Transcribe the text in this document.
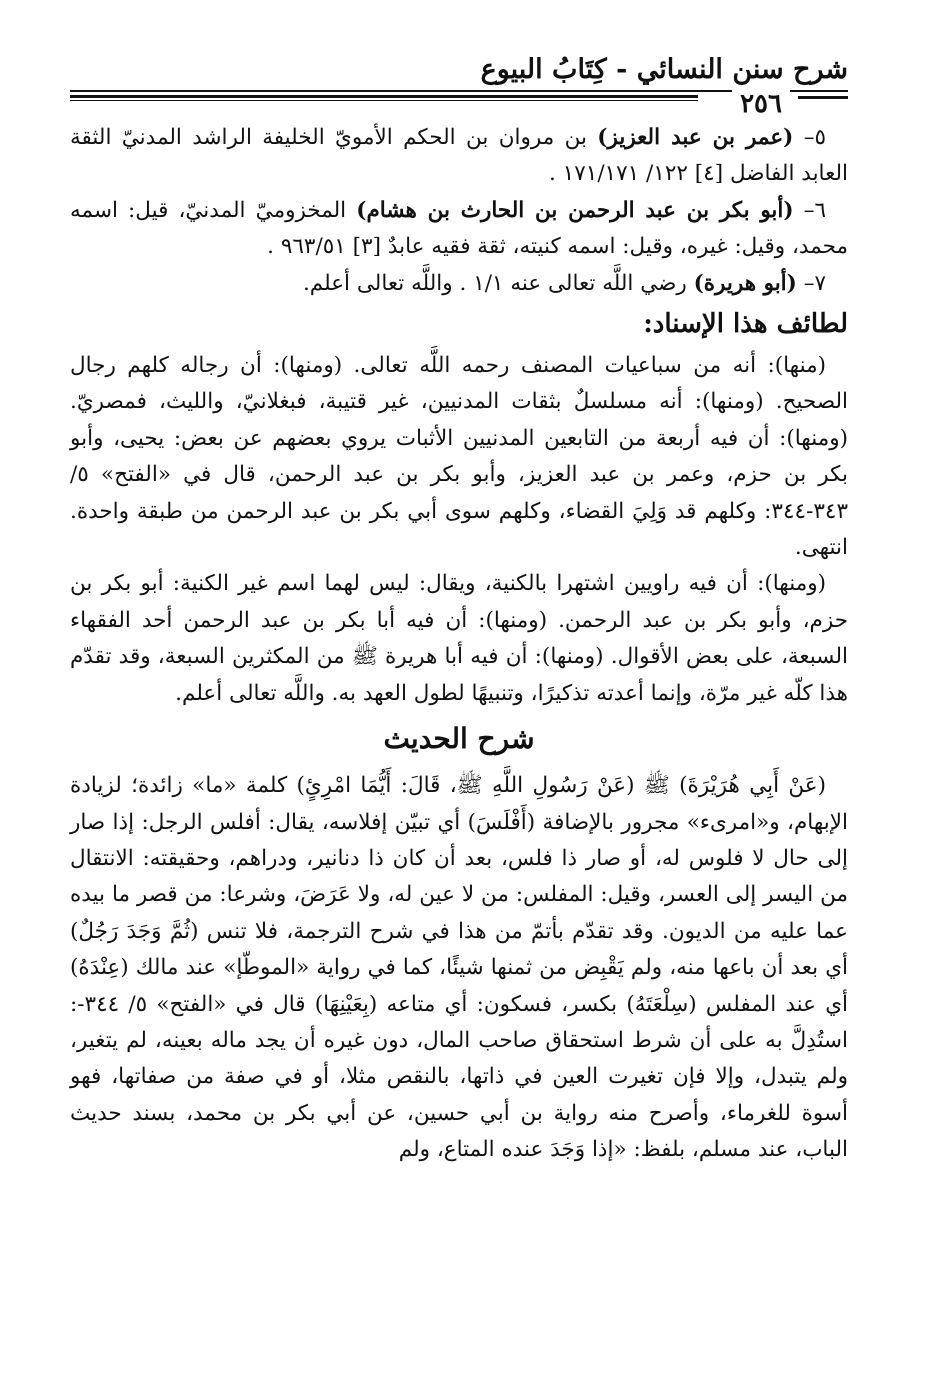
شرح سنن النسائي - كِتَابُ البيوع
٢٥٦

٥– (عمر بن عبد العزيز) بن مروان بن الحكم الأمويّ الخليفة الراشد المدنيّ الثقة العابد الفاضل [٤] ١٢٢/ ١٧١/١٧١ .

٦– (أبو بكر بن عبد الرحمن بن الحارث بن هشام) المخزوميّ المدنيّ، قيل: اسمه محمد، وقيل: غيره، وقيل: اسمه كنيته، ثقة فقيه عابدٌ [٣] ٩٦٣/٥١ .

٧– (أبو هريرة) رضي اللَّه تعالى عنه ١/١ . واللَّه تعالى أعلم.

لطائف هذا الإسناد:

(منها): أنه من سباعيات المصنف رحمه اللَّه تعالى. (ومنها): أن رجاله كلهم رجال الصحيح. (ومنها): أنه مسلسلٌ بثقات المدنيين، غير قتيبة، فبغلانيّ، والليث، فمصريّ. (ومنها): أن فيه أربعة من التابعين المدنيين الأثبات يروي بعضهم عن بعض: يحيى، وأبو بكر بن حزم، وعمر بن عبد العزيز، وأبو بكر بن عبد الرحمن، قال في «الفتح» ٥/ ٣٤٣-٣٤٤: وكلهم قد وَلِيَ القضاء، وكلهم سوى أبي بكر بن عبد الرحمن من طبقة واحدة. انتهى.

(ومنها): أن فيه راويين اشتهرا بالكنية، ويقال: ليس لهما اسم غير الكنية: أبو بكر بن حزم، وأبو بكر بن عبد الرحمن. (ومنها): أن فيه أبا بكر بن عبد الرحمن أحد الفقهاء السبعة، على بعض الأقوال. (ومنها): أن فيه أبا هريرة ﷺ من المكثرين السبعة، وقد تقدّم هذا كلّه غير مرّة، وإنما أعدته تذكيرًا، وتنبيهًا لطول العهد به. واللَّه تعالى أعلم.

شرح الحديث

(عَنْ أَبِي هُرَيْرَةَ) ﷺ (عَنْ رَسُولِ اللَّهِ ﷺ، قَالَ: أَيُّمَا امْرِئٍ) كلمة «ما» زائدة؛ لزيادة الإبهام، و«امرىء» مجرور بالإضافة (أَفْلَسَ) أي تبيّن إفلاسه، يقال: أفلس الرجل: إذا صار إلى حال لا فلوس له، أو صار ذا فلس، بعد أن كان ذا دنانير، ودراهم، وحقيقته: الانتقال من اليسر إلى العسر، وقيل: المفلس: من لا عين له، ولا عَرَضَ، وشرعا: من قصر ما بيده عما عليه من الديون. وقد تقدّم بأتمّ من هذا في شرح الترجمة، فلا تنس (ثُمَّ وَجَدَ رَجُلٌ) أي بعد أن باعها منه، ولم يَقْبِض من ثمنها شيئًا، كما في رواية «الموطّإ» عند مالك (عِنْدَهُ) أي عند المفلس (سِلْعَتَهُ) بكسر، فسكون: أي متاعه (بِعَيْنِهَا) قال في «الفتح» ٥/ ٣٤٤-: استُدِلَّ به على أن شرط استحقاق صاحب المال، دون غيره أن يجد ماله بعينه، لم يتغير، ولم يتبدل، وإلا فإن تغيرت العين في ذاتها، بالنقص مثلا، أو في صفة من صفاتها، فهو أسوة للغرماء، وأصرح منه رواية بن أبي حسين، عن أبي بكر بن محمد، بسند حديث الباب، عند مسلم، بلفظ: «إذا وَجَدَ عنده المتاع، ولم
